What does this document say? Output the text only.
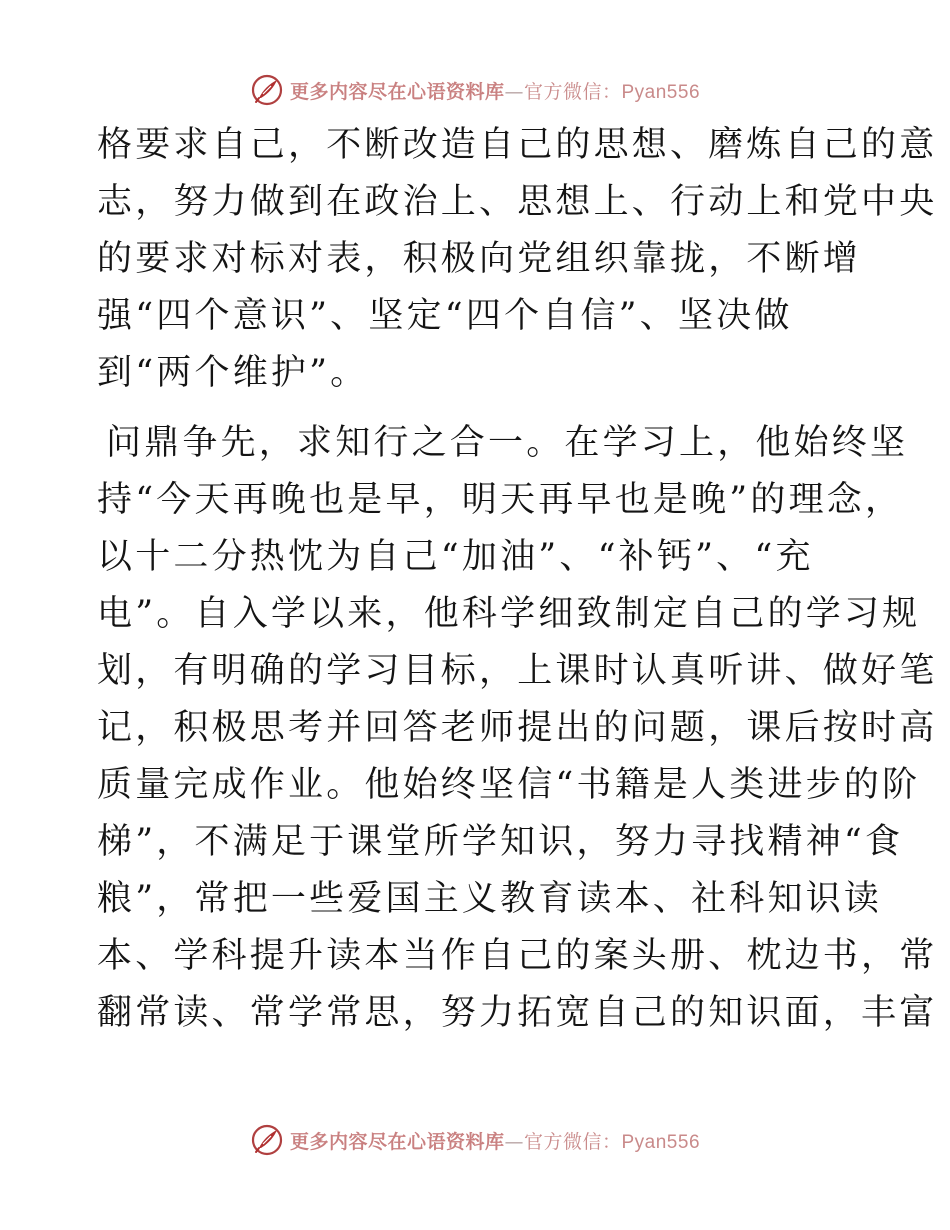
更多内容尽在心语资料库—官方微信：Pyan556

格要求自己，不断改造自己的思想、磨炼自己的意

志，努力做到在政治上、思想上、行动上和党中央

的要求对标对表，积极向党组织靠拢，不断增

强“四个意识”、坚定“四个自信”、坚决做

到“两个维护”。

问鼎争先，求知行之合一。在学习上，他始终坚

持“今天再晚也是早，明天再早也是晚”的理念，

以十二分热忱为自己“加油”、“补钙”、“充

电”。自入学以来，他科学细致制定自己的学习规

划，有明确的学习目标，上课时认真听讲、做好笔

记，积极思考并回答老师提出的问题，课后按时高

质量完成作业。他始终坚信“书籍是人类进步的阶

梯”，不满足于课堂所学知识，努力寻找精神“食

粮”，常把一些爱国主义教育读本、社科知识读

本、学科提升读本当作自己的案头册、枕边书，常

翻常读、常学常思，努力拓宽自己的知识面，丰富

更多内容尽在心语资料库—官方微信：Pyan556
